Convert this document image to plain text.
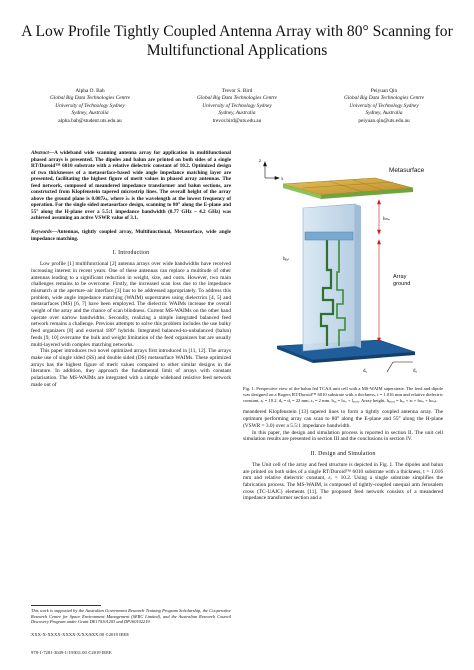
A Low Profile Tightly Coupled Antenna Array with 80° Scanning for Multifunctional Applications
Alpha O. Bah
Global Big Data Technologies Centre
University of Technology Sydney
Sydney, Australia
alpha.bah@student.uts.edu.au
Trevor S. Bird
Global Big Data Technologies Centre
University of Technology Sydney
Sydney, Australia
trevor.bird@uts.edu.au
Peiyuan Qin
Global Big Data Technologies Centre
University of Technology Sydney
Sydney, Australia
peiyuan.qin@uts.edu.au

Abstract—A wideband wide scanning antenna array for application in multifunctional phased arrays is presented. The dipoles and balun are printed on both sides of a single RT/Duroid™ 6010 substrate with a relative dielectric constant of 10.2. Optimized design of two thicknesses of a metasurface-based wide angle impedance matching layer are presented, facilitating the highest figure of merit values in phased array antennas. The feed network, composed of meandered impedance transformer and balun sections, are constructed from Klopfenstein tapered microstrip lines. The overall height of the array above the ground plane is 0.087λₗ, where λₗ is the wavelength at the lowest frequency of operation. For the single sided metasurface design, scanning to 80° along the E-plane and 55° along the H-plane over a 5.5:1 impedance bandwidth (0.77 GHz – 4.2 GHz) was achieved assuming an active VSWR value of 3.1.

Keywords—Antennas, tightly coupled array, Multifunctional, Metasurface, wide angle impedance matching.

I. Introduction

Low profile [1] multifunctional [2] antenna arrays over wide bandwidths have received increasing interest in recent years. One of these antennas can replace a multitude of other antennas leading to a significant reduction in weight, size, and costs. However, two main challenges remains to be overcome. Firstly, the increased scan loss due to the impedance mismatch at the aperture–air interface [3] has to be addressed appropriately. To address this problem, wide angle impedance matching (WAIM) superstrates using dielectrics [4, 5] and metasurfaces (MS) [6, 7] have been employed. The dielectric WAIMs increase the overall weight of the array and the chance of scan blindness. Current MS-WAIMs on the other hand operate over narrow bandwidths. Secondly, realizing a simple integrated balanced feed network remains a challenge. Previous attempts to solve this problem includes the use bulky feed organizers [8] and external 180° hybrids. Integrated balanced-to-unbalanced (balun) feeds [9, 10] overcame the bulk and weight limitation of the feed organizers but are usually multi-layered with complex matching networks.

This paper introduces two novel optimized arrays first introduced in [11, 12]. The arrays make use of single sided (SS) and double sided (DS) metasurface WAIMs. These optimized arrays has the highest figure of merit values compared to other similar designs in the literature. In addition, they approach the fundamental limit of arrays with constant polarisation. The MS-WAIMs are integrated with a simple wideband resistive feed network made out of

This work is supported by the Australian Government Research Training Program Scholarship, the Cooperative Research Centre for Space Environment Management (SERC Limited), and the Australian Research Council Discovery Program under Grant DE170101203 and DP160102219.
XXX-X-XXXX-XXXX-X/XX/$XX.00 ©2019 IEEE
978-1-7281-3049-1/19/$31.00 ©2019 IEEE
Metasurface
hₘₒ
Array
ground
hᵦₐₗ
z
x
dᵧ	dₓ

Fig. 1. Perspective view of the balun fed TCAA unit cell with a MS-WAIM superstrate. The feed and dipole was designed on a Rogers RT/Duroid™ 6010 substrate with a thickness, t = 1.016 mm and relative dielectric constant, εᵣ = 10.2. dₓ = dᵧ = 22 mm, rₓ = 2 mm. hₒₐ = lₘₒ + lₐᵣᵣₐᵧ. Array height, hₐᵣᵣₐᵧ = hₒₐ + zₗ + hₘₒ + hₘₒₗ.

meandered Klopfenstein [13] tapered lines to form a tightly coupled antenna array. The optimum performing array can scan to 80° along the E-plane and 55° along the H-plane (VSWR = 3.0) over a 5.5:1 impedance bandwidth.

In this paper, the design and simulation process is reported in section II. The unit cell simulation results are presented in section III and the conclusions in section IV.

II. Design and Simulation

The Unit cell of the array and feed structure is depicted in Fig. 1. The dipoles and balun are printed on both sides of a single RT/Duroid™ 6010 substrate with a thickness, t = 1.016 mm and relative dielectric constant, εᵣ = 10.2. Using a single substrate simplifies the fabrication process. The MS-WAIM, is composed of tightly-coupled unequal arm Jerusalem cross (TC-UAJC) elements [11]. The proposed feed network consists of a meandered impedance transformer section and a
